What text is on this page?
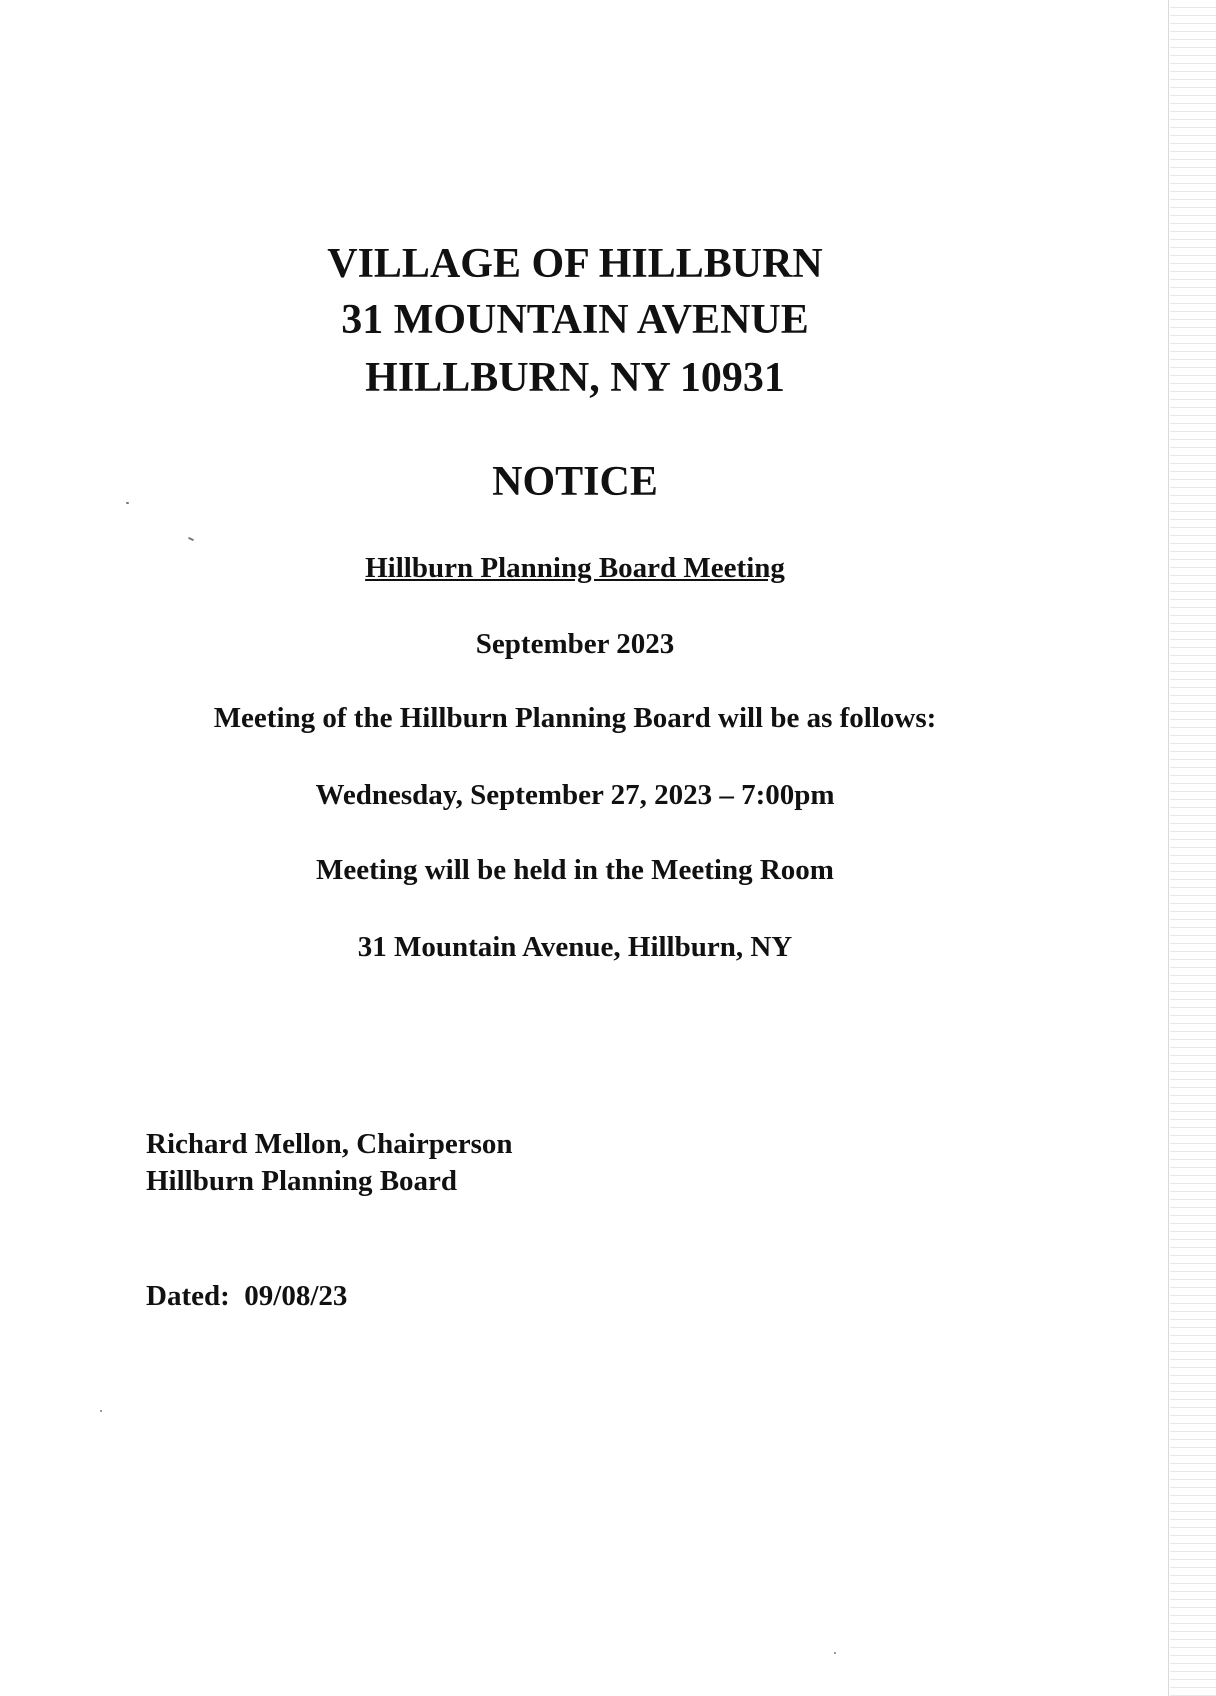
VILLAGE OF HILLBURN
31 MOUNTAIN AVENUE
HILLBURN, NY 10931
NOTICE
Hillburn Planning Board Meeting
September 2023
Meeting of the Hillburn Planning Board will be as follows:
Wednesday, September 27, 2023 – 7:00pm
Meeting will be held in the Meeting Room
31 Mountain Avenue, Hillburn, NY
Richard Mellon, Chairperson
Hillburn Planning Board
Dated:  09/08/23
